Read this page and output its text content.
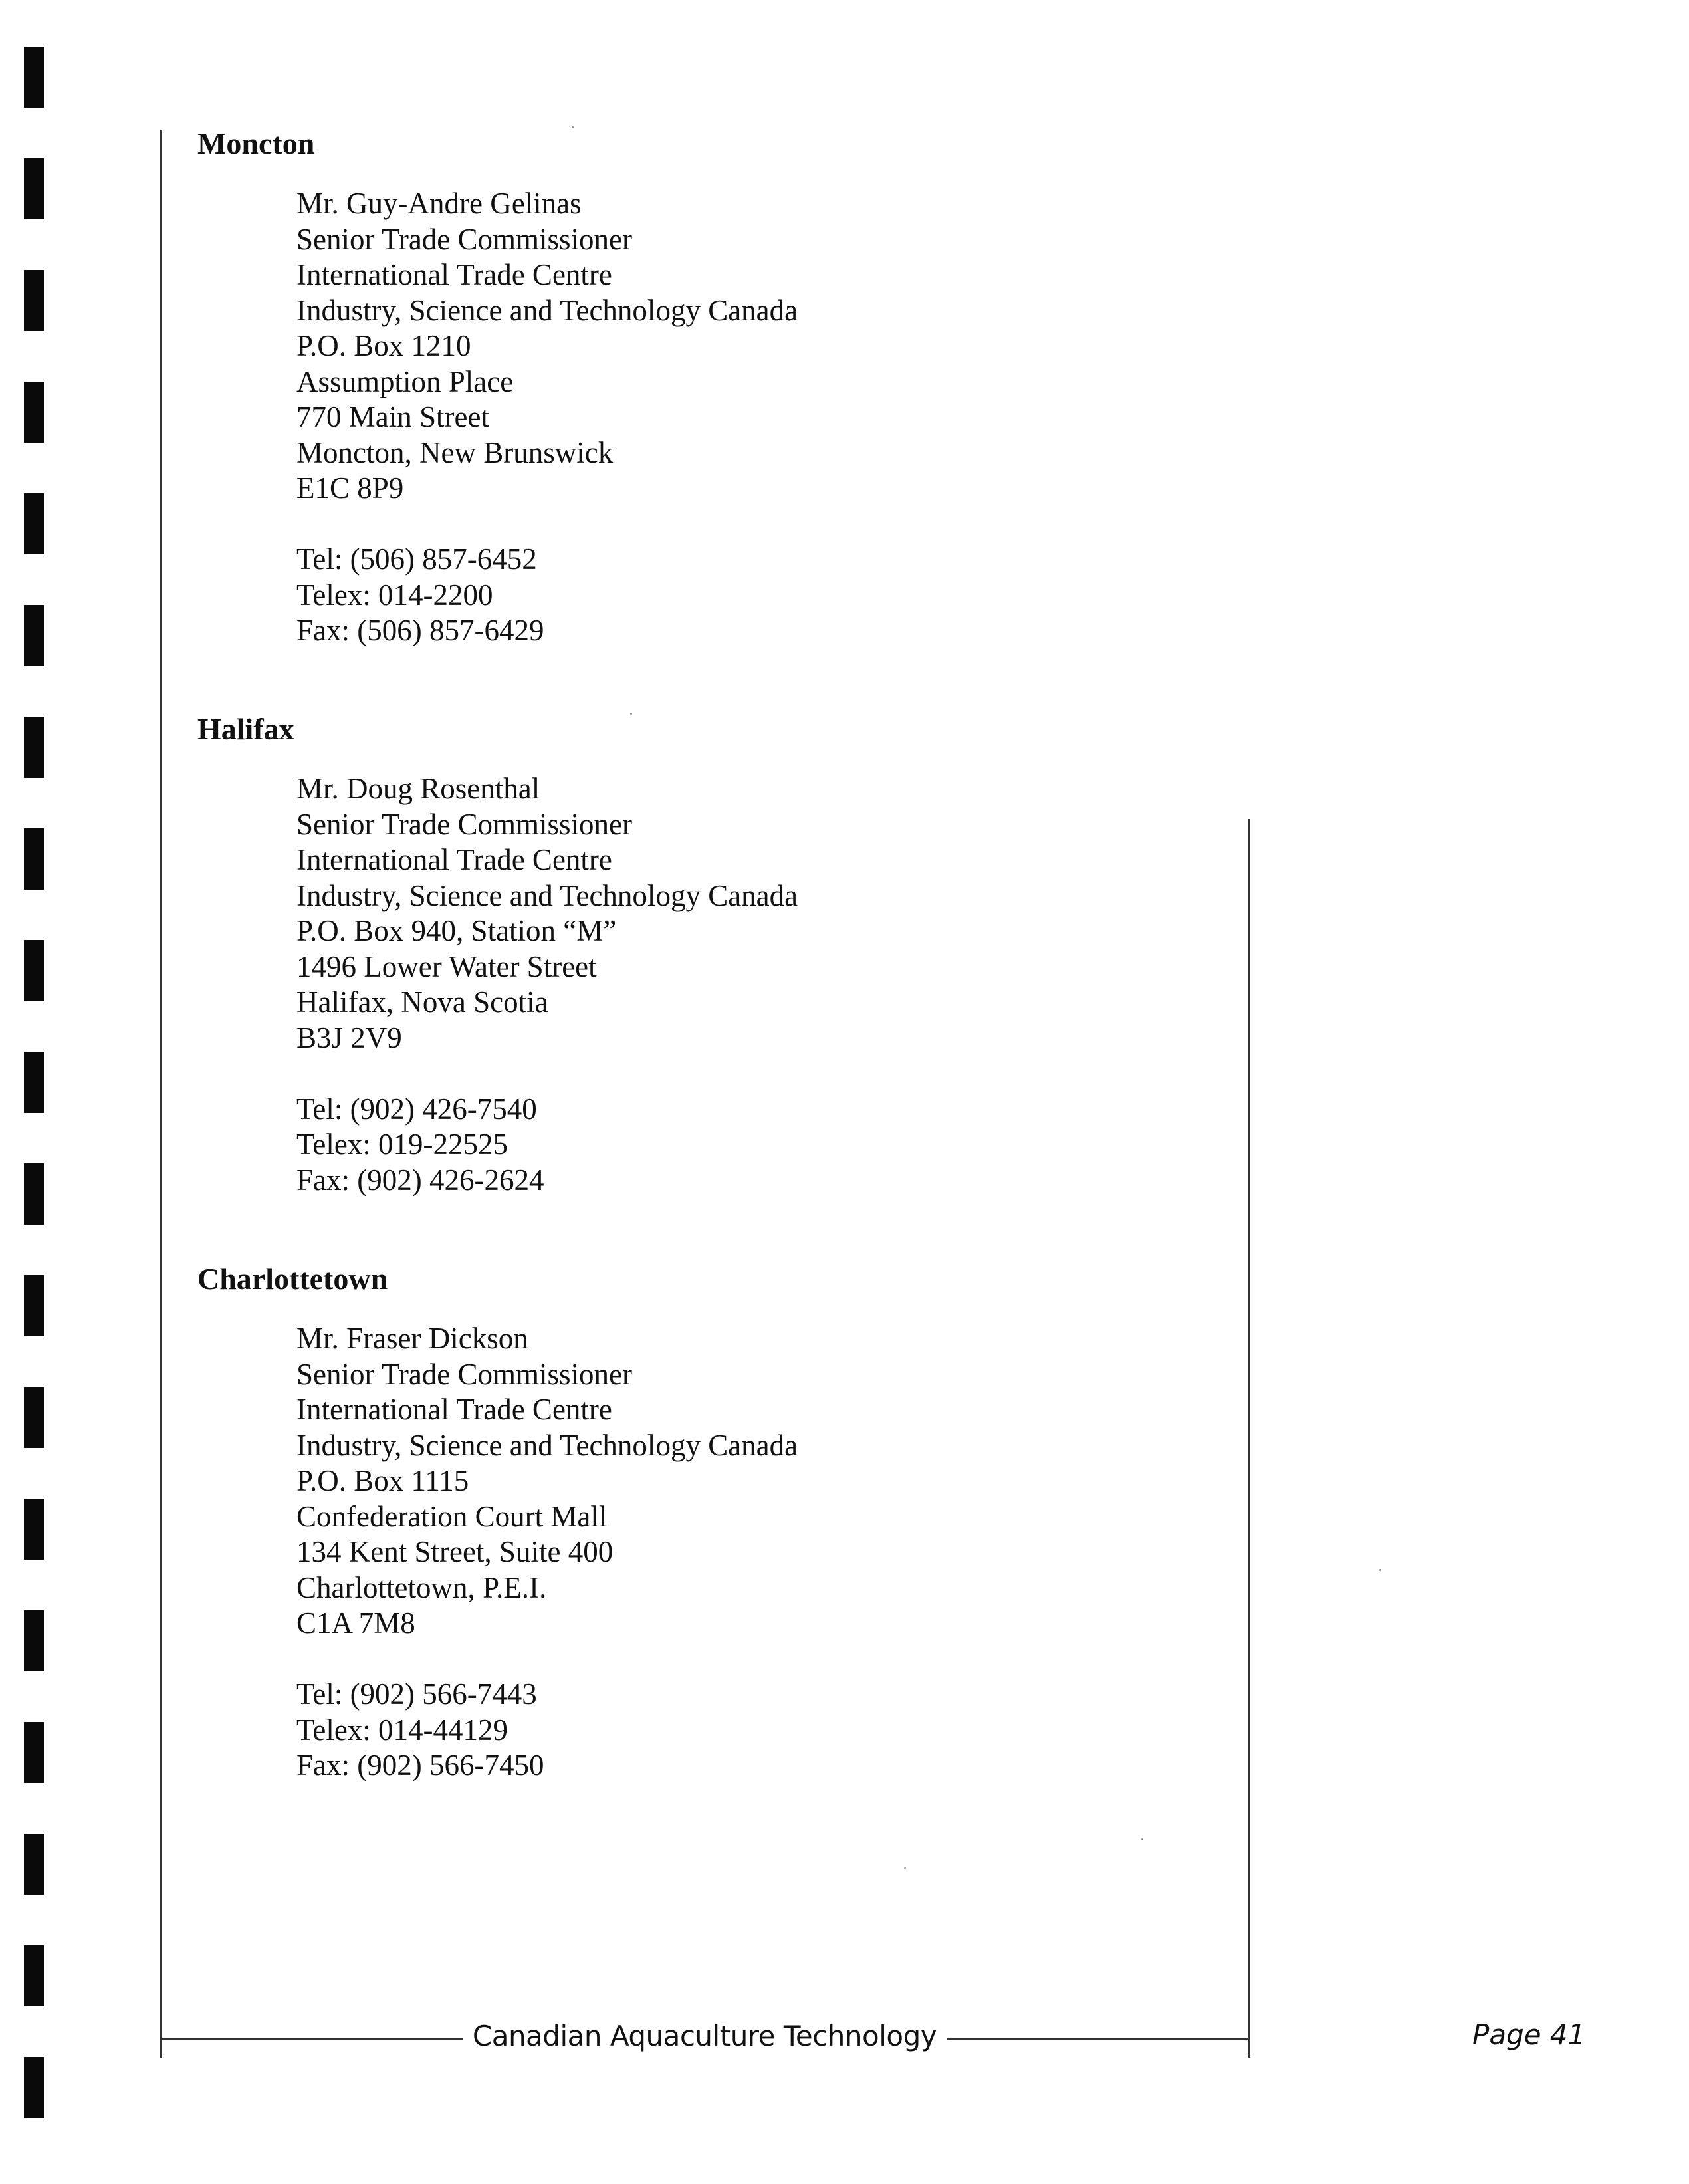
Moncton
Mr. Guy-Andre Gelinas
Senior Trade Commissioner
International Trade Centre
Industry, Science and Technology Canada
P.O. Box 1210
Assumption Place
770 Main Street
Moncton, New Brunswick
E1C 8P9
Tel: (506) 857-6452
Telex: 014-2200
Fax: (506) 857-6429
Halifax
Mr. Doug Rosenthal
Senior Trade Commissioner
International Trade Centre
Industry, Science and Technology Canada
P.O. Box 940, Station “M”
1496 Lower Water Street
Halifax, Nova Scotia
B3J 2V9
Tel: (902) 426-7540
Telex: 019-22525
Fax: (902) 426-2624
Charlottetown
Mr. Fraser Dickson
Senior Trade Commissioner
International Trade Centre
Industry, Science and Technology Canada
P.O. Box 1115
Confederation Court Mall
134 Kent Street, Suite 400
Charlottetown, P.E.I.
C1A 7M8
Tel: (902) 566-7443
Telex: 014-44129
Fax: (902) 566-7450
Canadian Aquaculture Technology	Page 41
